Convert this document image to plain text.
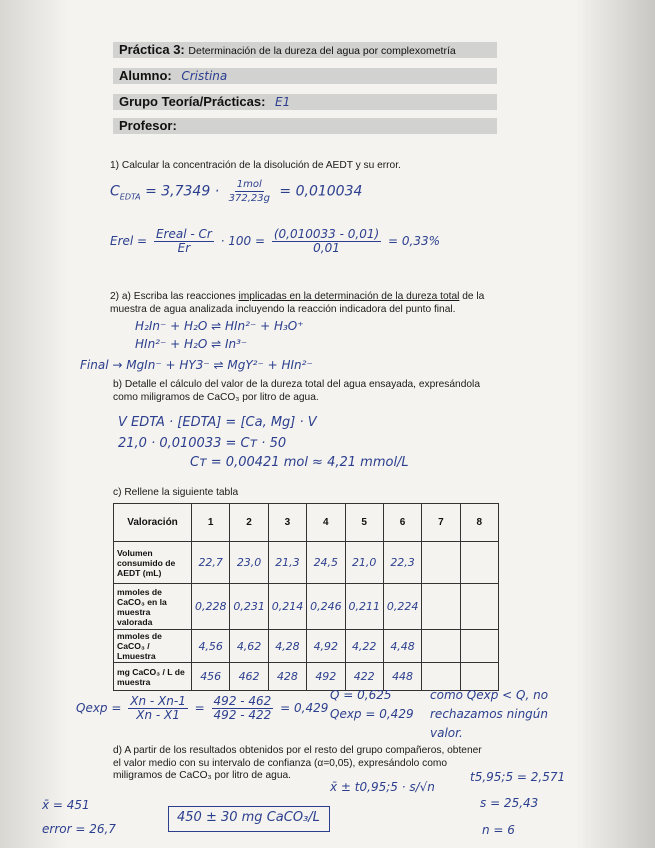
Práctica 3: Determinación de la dureza del agua por complexometría
Alumno: Cristina
Grupo Teoría/Prácticas: E1
Profesor:
1) Calcular la concentración de la disolución de AEDT y su error.
$C_{EDTA} = 3,7349 \cdot \frac{\text{1mol}}{372,23g} = 0,010034$
Erel = $\frac{\text{Ereal - Cr}}{Er} \cdot 100 = \frac{(0,010033 - 0,01)}{0,01} = 0,33\%$
2) a) Escriba las reacciones implicadas en la determinación de la dureza total de la
muestra de agua analizada incluyendo la reacción indicadora del punto final.
H₂In⁻ + H₂O ⇌ HIn²⁻ + H₃O⁺
HIn²⁻ + H₂O ⇌ In³⁻
Final → MgIn⁻ + HY3⁻ ⇌ MgY²⁻ + HIn²⁻
b) Detalle el cálculo del valor de la dureza total del agua ensayada, expresándola
como miligramos de CaCO₃ por litro de agua.
V EDTA · [EDTA] = [Ca, Mg] · V
21,0 · 0,010033 = Cт · 50
Cт = 0,00421 mol ≈ 4,21 mmol/L
c) Rellene la siguiente tabla
Valoración	1	2	3	4	5	6	7	8
Volumen consumido de AEDT (mL)	22,7	23,0	21,3	24,5	21,0	22,3		
mmoles de CaCO₃ en la muestra valorada	0,228	0,231	0,214	0,246	0,211	0,224		
mmoles de CaCO₃ / Lmuestra	4,56	4,62	4,28	4,92	4,22	4,48		
mg CaCO₃ / L de muestra	456	462	428	492	422	448		
$Qexp = \frac{Xn - Xn-1}{Xn - X1} = \frac{492 - 462}{492 - 422} = 0,429$
Q = 0,625
Qexp = 0,429
como Qexp < Q, no
rechazamos ningún
valor.
d) A partir de los resultados obtenidos por el resto del grupo compañeros, obtener
el valor medio con su intervalo de confianza (α=0,05), expresándolo como
miligramos de CaCO₃ por litro de agua.
x̄ ± t0,95;5 · s/√n
t5,95;5 = 2,571
s = 25,43
n = 6
x̄ = 451
error = 26,7
450 ± 30 mg CaCO₃/L
